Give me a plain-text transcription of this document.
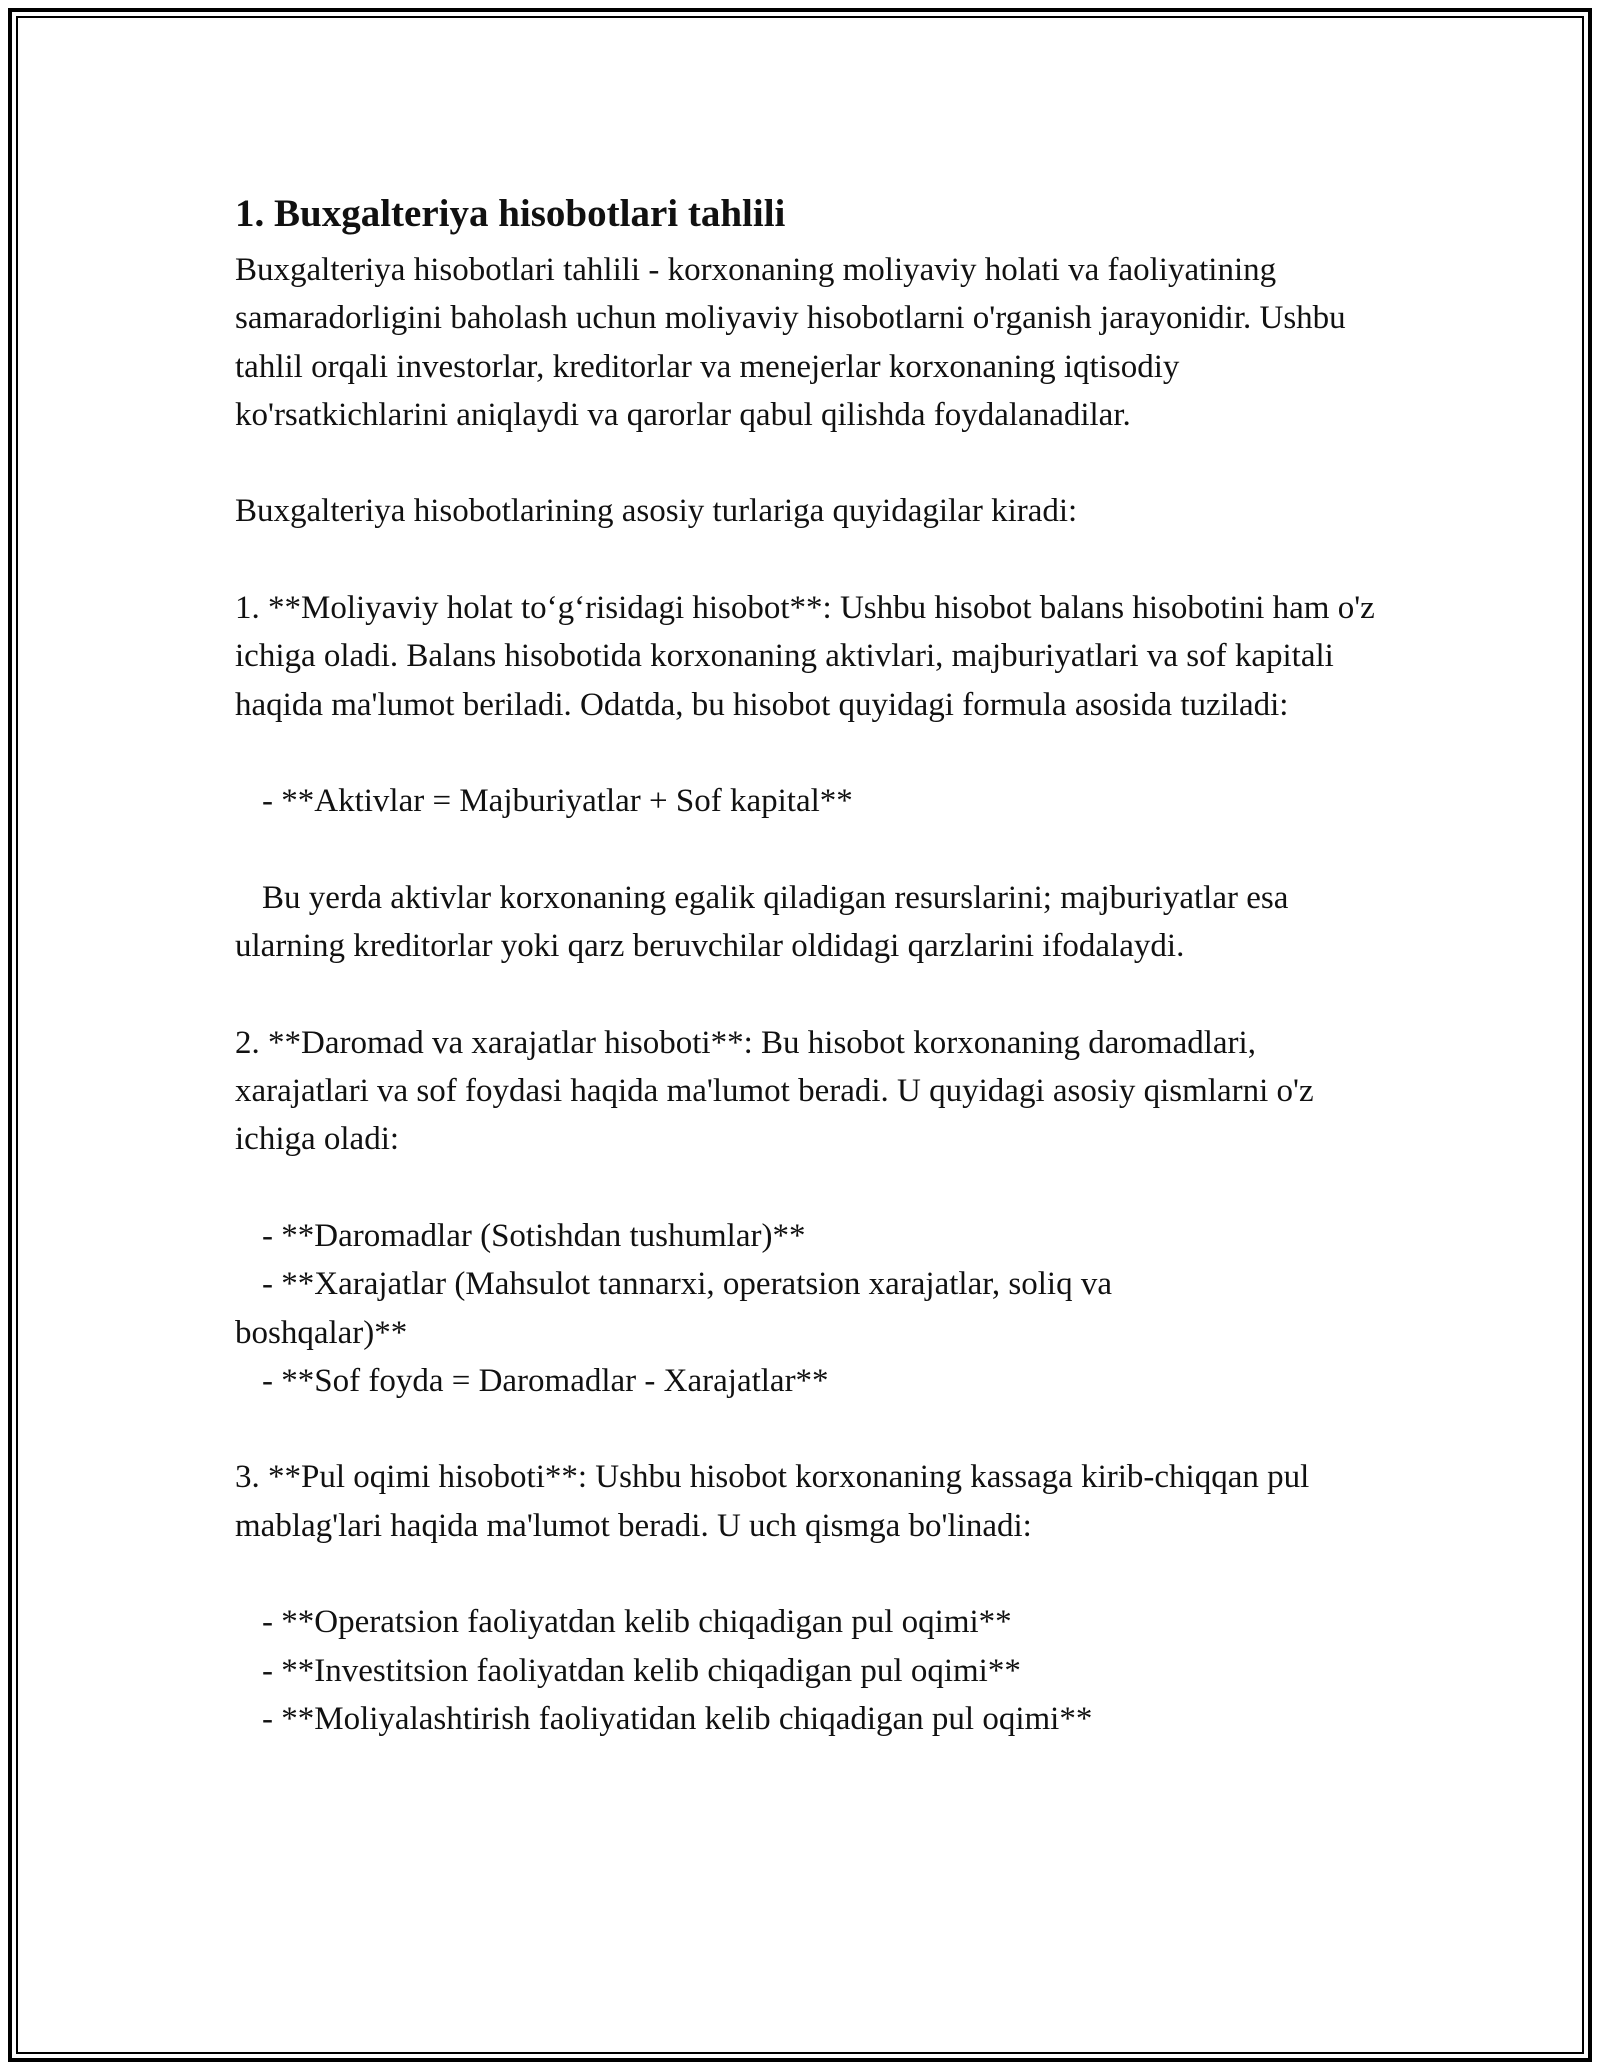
1. Buxgalteriya hisobotlari tahlili

Buxgalteriya hisobotlari tahlili - korxonaning moliyaviy holati va faoliyatining samaradorligini baholash uchun moliyaviy hisobotlarni o'rganish jarayonidir. Ushbu tahlil orqali investorlar, kreditorlar va menejerlar korxonaning iqtisodiy ko'rsatkichlarini aniqlaydi va qarorlar qabul qilishda foydalanadilar.

Buxgalteriya hisobotlarining asosiy turlariga quyidagilar kiradi:

1. **Moliyaviy holat to‘g‘risidagi hisobot**: Ushbu hisobot balans hisobotini ham o'z ichiga oladi. Balans hisobotida korxonaning aktivlari, majburiyatlari va sof kapitali haqida ma'lumot beriladi. Odatda, bu hisobot quyidagi formula asosida tuziladi:

- **Aktivlar = Majburiyatlar + Sof kapital**

Bu yerda aktivlar korxonaning egalik qiladigan resurslarini; majburiyatlar esa ularning kreditorlar yoki qarz beruvchilar oldidagi qarzlarini ifodalaydi.

2. **Daromad va xarajatlar hisoboti**: Bu hisobot korxonaning daromadlari, xarajatlari va sof foydasi haqida ma'lumot beradi. U quyidagi asosiy qismlarni o'z ichiga oladi:

- **Daromadlar (Sotishdan tushumlar)**

- **Xarajatlar (Mahsulot tannarxi, operatsion xarajatlar, soliq va

boshqalar)**

- **Sof foyda = Daromadlar - Xarajatlar**

3. **Pul oqimi hisoboti**: Ushbu hisobot korxonaning kassaga kirib-chiqqan pul mablag'lari haqida ma'lumot beradi. U uch qismga bo'linadi:

- **Operatsion faoliyatdan kelib chiqadigan pul oqimi**

- **Investitsion faoliyatdan kelib chiqadigan pul oqimi**

- **Moliyalashtirish faoliyatidan kelib chiqadigan pul oqimi**
